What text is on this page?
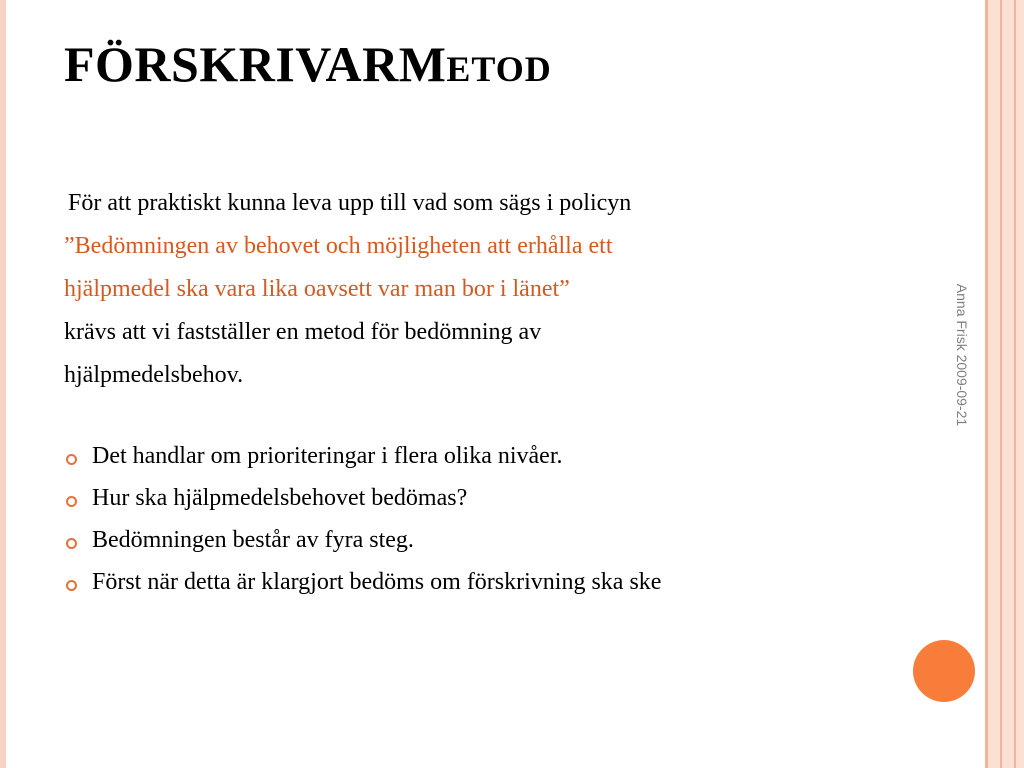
FÖRSKRIVARMETOD

För att praktiskt kunna leva upp till vad som sägs i policyn

”Bedömningen av behovet och möjligheten att erhålla ett

hjälpmedel ska vara lika oavsett var man bor i länet”

krävs att vi fastställer en metod för bedömning av

hjälpmedelsbehov.

Det handlar om prioriteringar i flera olika nivåer.
Hur ska hjälpmedelsbehovet bedömas?
Bedömningen består av fyra steg.
Först när detta är klargjort bedöms om förskrivning ska ske
Anna Frisk 2009-09-21
